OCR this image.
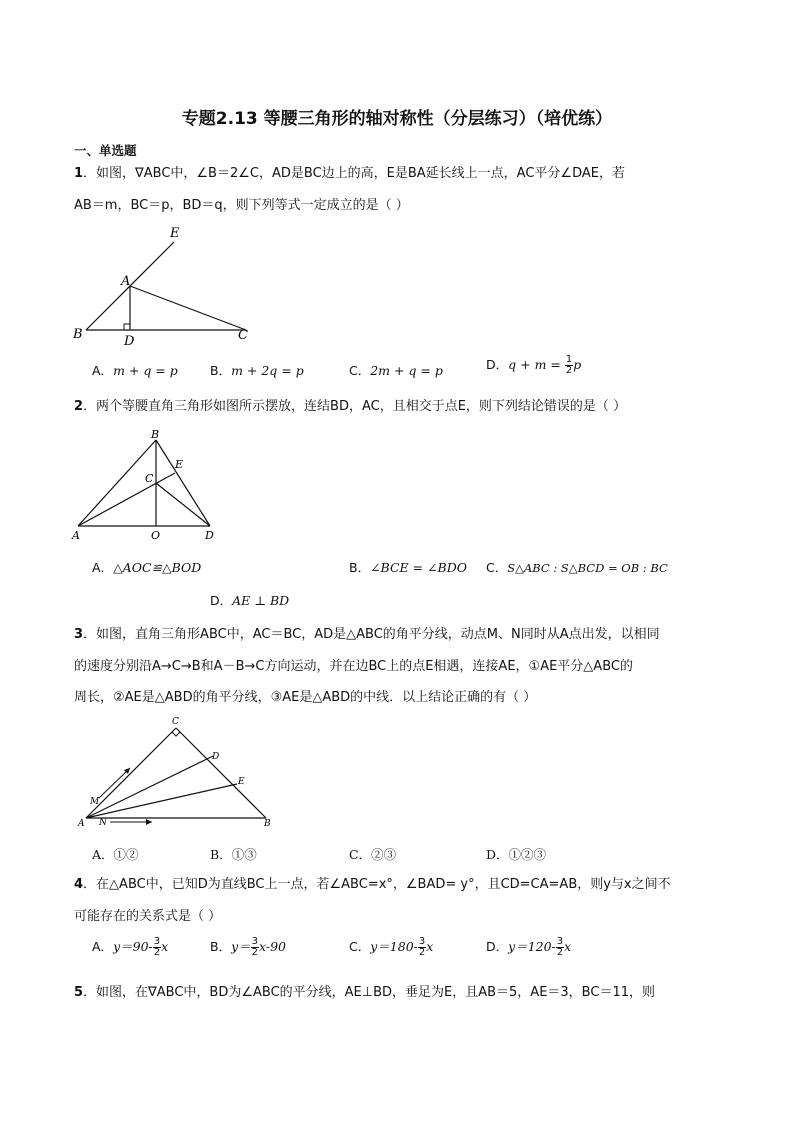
专题2.13 等腰三角形的轴对称性（分层练习）（培优练）
一、单选题
1．如图，∇ABC中，∠B＝2∠C，AD是BC边上的高，E是BA延长线上一点，AC平分∠DAE，若
AB＝m，BC＝p，BD＝q，则下列等式一定成立的是（ ）
E
A
B	D	C
A．m + q = p	B．m + 2q = p	C．2m + q = p	D．$q + m = \frac{1}{2}$ p
2．两个等腰直角三角形如图所示摆放，连结BD，AC，且相交于点E，则下列结论错误的是（ ）
B
E
C
A	O	D
A．△AOC≌△BOD	B．∠BCE = ∠BDO C．S△ABC : S△BCD = OB : BC
D．AE ⊥ BD
3．如图，直角三角形ABC中，AC＝BC，AD是△ABC的角平分线，动点M、N同时从A点出发，以相同
的速度分别沿A→C→B和A－B→C方向运动，并在边BC上的点E相遇，连接AE，①AE平分△ABC的
周长，②AE是△ABD的角平分线，③AE是△ABD的中线．以上结论正确的有（ ）
C
D
E
M
A N	B
A．①②	B．①③	C．②③	D．①②③
4．在△ABC中，已知D为直线BC上一点，若∠ABC=x°，∠BAD= y°，且CD=CA=AB，则y与x之间不
可能存在的关系式是（ ）
A．$y=90- \frac{3}{2}$ x	B．$y= \frac{3}{2} x-90$	C．$y=180- \frac{3}{2}$ x	D．$y=120- \frac{3}{2}$ x
5．如图，在∇ABC中，BD为∠ABC的平分线，AE⊥BD，垂足为E，且AB＝5，AE＝3，BC＝11，则
